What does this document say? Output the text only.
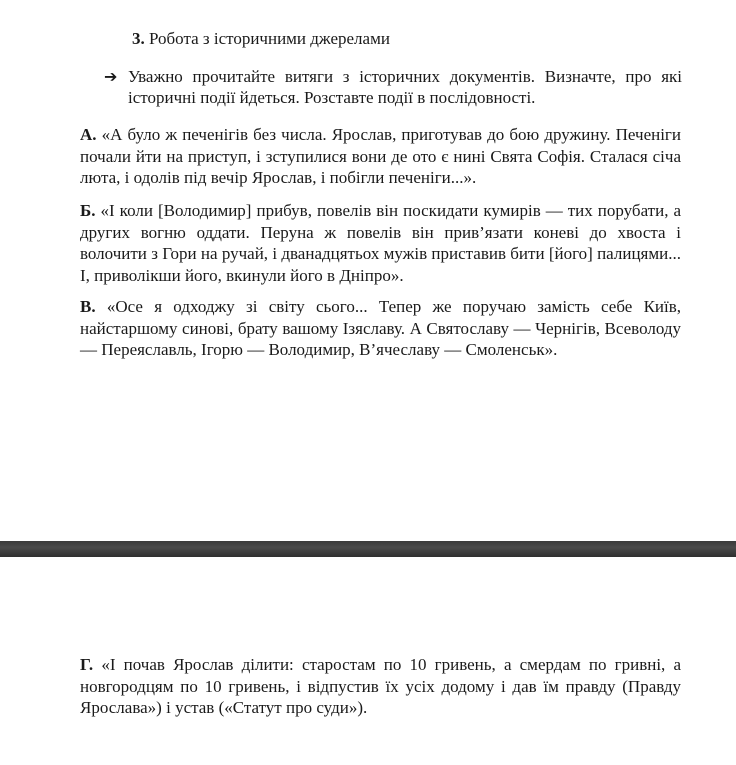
3. Робота з історичними джерелами
➔ Уважно прочитайте витяги з історичних документів. Визначте, про які історичні події йдеться. Розставте події в послідовності.
А. «А було ж печенігів без числа. Ярослав, приготував до бою дружину. Печеніги почали йти на приступ, і зступилися вони де ото є нині Свята Софія. Сталася січа люта, і одолів під вечір Ярослав, і побігли печеніги...».
Б. «І коли [Володимир] прибув, повелів він поскидати кумирів — тих порубати, а других вогню оддати. Перуна ж повелів він прив’язати коневі до хвоста і волочити з Гори на ручай, і дванадцятьох мужів приставив бити [його] палицями... І, приволікши його, вкинули його в Дніпро».
В. «Осе я одходжу зі світу сього... Тепер же поручаю замість себе Київ, найстаршому синові, брату вашому Ізяславу. А Святославу — Чернігів, Всеволоду — Переяславль, Ігорю — Володимир, В’ячеславу — Смоленськ».
Г. «І почав Ярослав ділити: старостам по 10 гривень, а смердам по гривні, а новгородцям по 10 гривень, і відпустив їх усіх додому і дав їм правду (Правду Ярослава») і устав («Статут про суди»).
